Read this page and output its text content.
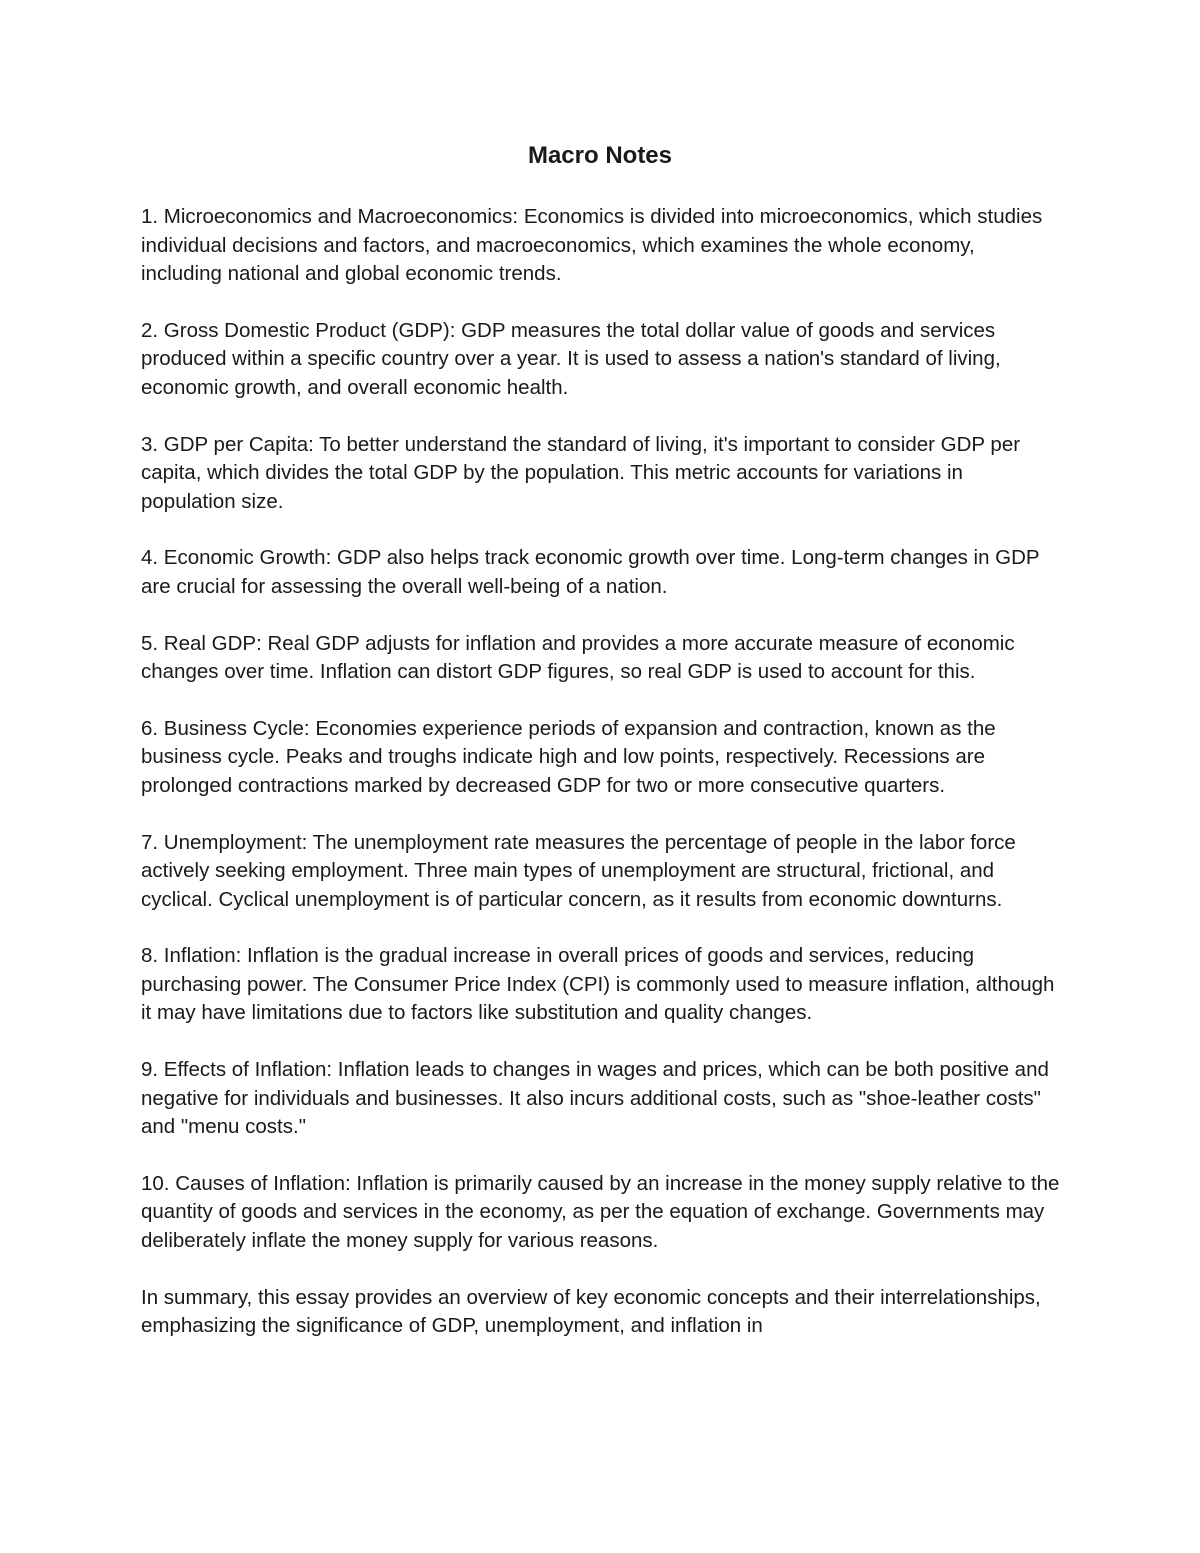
Macro Notes

1. Microeconomics and Macroeconomics: Economics is divided into microeconomics, which studies individual decisions and factors, and macroeconomics, which examines the whole economy, including national and global economic trends.

2. Gross Domestic Product (GDP): GDP measures the total dollar value of goods and services produced within a specific country over a year. It is used to assess a nation's standard of living, economic growth, and overall economic health.

3. GDP per Capita: To better understand the standard of living, it's important to consider GDP per capita, which divides the total GDP by the population. This metric accounts for variations in population size.

4. Economic Growth: GDP also helps track economic growth over time. Long-term changes in GDP are crucial for assessing the overall well-being of a nation.

5. Real GDP: Real GDP adjusts for inflation and provides a more accurate measure of economic changes over time. Inflation can distort GDP figures, so real GDP is used to account for this.

6. Business Cycle: Economies experience periods of expansion and contraction, known as the business cycle. Peaks and troughs indicate high and low points, respectively. Recessions are prolonged contractions marked by decreased GDP for two or more consecutive quarters.

7. Unemployment: The unemployment rate measures the percentage of people in the labor force actively seeking employment. Three main types of unemployment are structural, frictional, and cyclical. Cyclical unemployment is of particular concern, as it results from economic downturns.

8. Inflation: Inflation is the gradual increase in overall prices of goods and services, reducing purchasing power. The Consumer Price Index (CPI) is commonly used to measure inflation, although it may have limitations due to factors like substitution and quality changes.

9. Effects of Inflation: Inflation leads to changes in wages and prices, which can be both positive and negative for individuals and businesses. It also incurs additional costs, such as "shoe-leather costs" and "menu costs."

10. Causes of Inflation: Inflation is primarily caused by an increase in the money supply relative to the quantity of goods and services in the economy, as per the equation of exchange. Governments may deliberately inflate the money supply for various reasons.

In summary, this essay provides an overview of key economic concepts and their interrelationships, emphasizing the significance of GDP, unemployment, and inflation in
